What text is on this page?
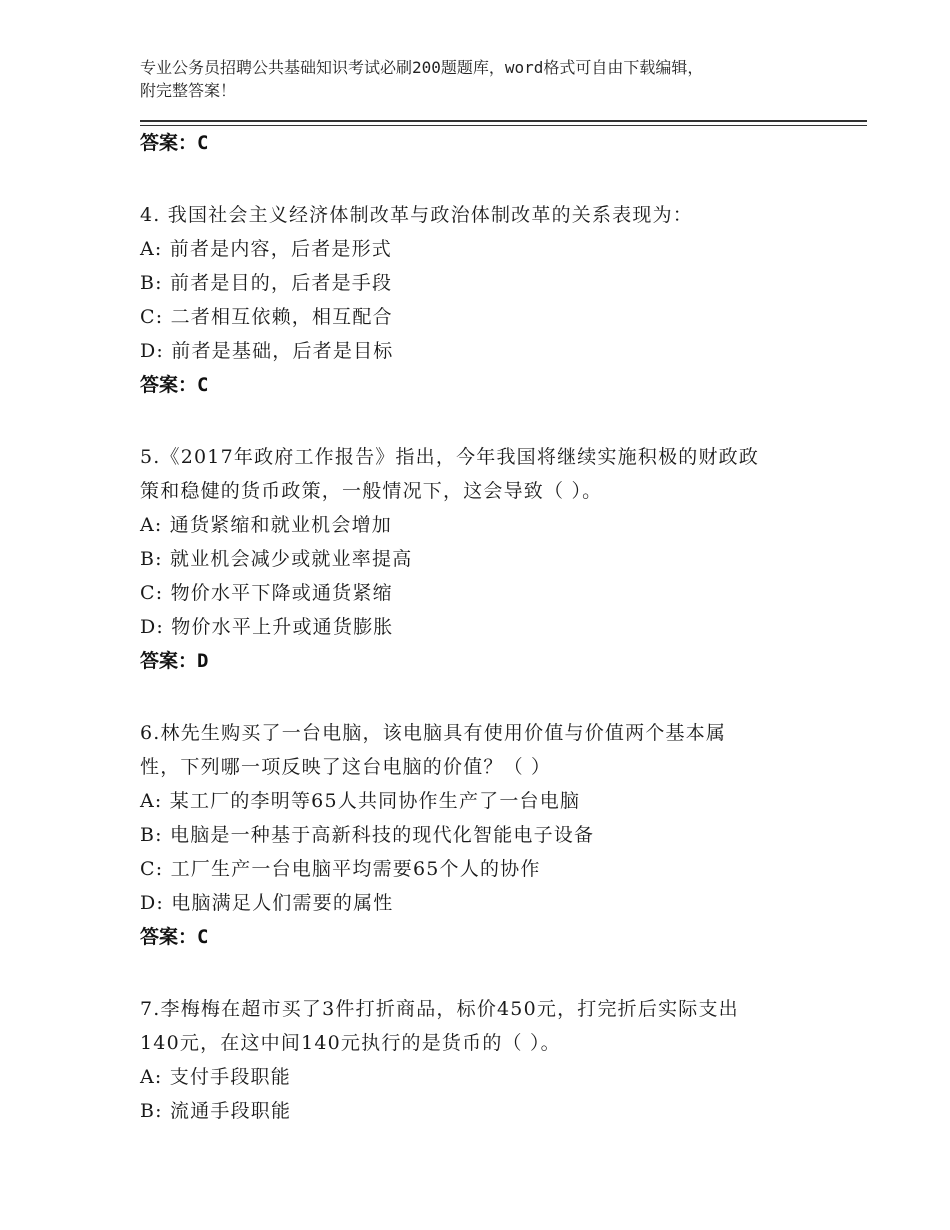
专业公务员招聘公共基础知识考试必刷200题题库，word格式可自由下载编辑，
附完整答案！
答案：C
4. 我国社会主义经济体制改革与政治体制改革的关系表现为：
A: 前者是内容，后者是形式
B: 前者是目的，后者是手段
C: 二者相互依赖，相互配合
D: 前者是基础，后者是目标
答案：C
5.《2017年政府工作报告》指出，今年我国将继续实施积极的财政政
策和稳健的货币政策，一般情况下，这会导致（ ）。
A: 通货紧缩和就业机会增加
B: 就业机会减少或就业率提高
C: 物价水平下降或通货紧缩
D: 物价水平上升或通货膨胀
答案：D
6.林先生购买了一台电脑，该电脑具有使用价值与价值两个基本属
性，下列哪一项反映了这台电脑的价值？（ ）
A: 某工厂的李明等65人共同协作生产了一台电脑
B: 电脑是一种基于高新科技的现代化智能电子设备
C: 工厂生产一台电脑平均需要65个人的协作
D: 电脑满足人们需要的属性
答案：C
7.李梅梅在超市买了3件打折商品，标价450元，打完折后实际支出
140元，在这中间140元执行的是货币的（ ）。
A: 支付手段职能
B: 流通手段职能
